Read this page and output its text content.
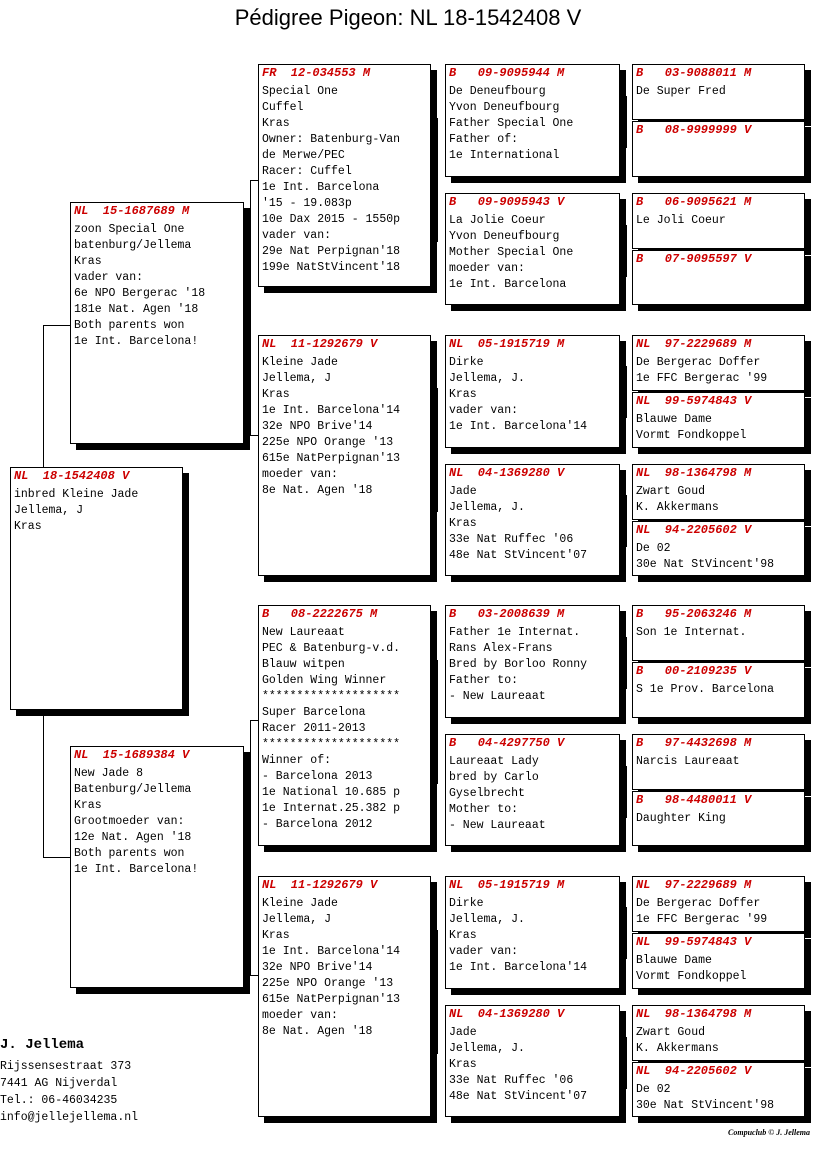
Pédigree Pigeon: NL 18-1542408 V
NL  18-1542408 V
inbred Kleine Jade
Jellema, J
Kras
NL  15-1687689 M
zoon Special One
batenburg/Jellema
Kras
vader van:
6e NPO Bergerac '18
181e Nat. Agen '18
Both parents won
1e Int. Barcelona!
NL  15-1689384 V
New Jade 8
Batenburg/Jellema
Kras
Grootmoeder van:
12e Nat. Agen '18
Both parents won
1e Int. Barcelona!
FR  12-034553 M
Special One
Cuffel
Kras
Owner: Batenburg-Van
de Merwe/PEC
Racer: Cuffel
1e Int. Barcelona
'15 - 19.083p
10e Dax 2015 - 1550p
vader van:
29e Nat Perpignan'18
199e NatStVincent'18
NL  11-1292679 V
Kleine Jade
Jellema, J
Kras
1e Int. Barcelona'14
32e NPO Brive'14
225e NPO Orange '13
615e NatPerpignan'13
moeder van:
8e Nat. Agen '18
B   08-2222675 M
New Laureaat
PEC & Batenburg-v.d.
Blauw witpen
Golden Wing Winner
********************
Super Barcelona
Racer 2011-2013
********************
Winner of:
- Barcelona 2013
1e National 10.685 p
1e Internat.25.382 p
- Barcelona 2012
NL  11-1292679 V
Kleine Jade
Jellema, J
Kras
1e Int. Barcelona'14
32e NPO Brive'14
225e NPO Orange '13
615e NatPerpignan'13
moeder van:
8e Nat. Agen '18
B   09-9095944 M
De Deneufbourg
Yvon Deneufbourg
Father Special One
Father of:
1e International
B   09-9095943 V
La Jolie Coeur
Yvon Deneufbourg
Mother Special One
moeder van:
1e Int. Barcelona
NL  05-1915719 M
Dirke
Jellema, J.
Kras
vader van:
1e Int. Barcelona'14
NL  04-1369280 V
Jade
Jellema, J.
Kras
33e Nat Ruffec '06
48e Nat StVincent'07
B   03-2008639 M
Father 1e Internat.
Rans Alex-Frans
Bred by Borloo Ronny
Father to:
- New Laureaat
B   04-4297750 V
Laureaat Lady
bred by Carlo
Gyselbrecht
Mother to:
- New Laureaat
NL  05-1915719 M
Dirke
Jellema, J.
Kras
vader van:
1e Int. Barcelona'14
NL  04-1369280 V
Jade
Jellema, J.
Kras
33e Nat Ruffec '06
48e Nat StVincent'07
B   03-9088011 M
De Super Fred
B   08-9999999 V
B   06-9095621 M
Le Joli Coeur
B   07-9095597 V
NL  97-2229689 M
De Bergerac Doffer
1e FFC Bergerac '99
NL  99-5974843 V
Blauwe Dame
Vormt Fondkoppel
NL  98-1364798 M
Zwart Goud
K. Akkermans
NL  94-2205602 V
De 02
30e Nat StVincent'98
B   95-2063246 M
Son 1e Internat.
B   00-2109235 V
S 1e Prov. Barcelona
B   97-4432698 M
Narcis Laureaat
B   98-4480011 V
Daughter King
NL  97-2229689 M
De Bergerac Doffer
1e FFC Bergerac '99
NL  99-5974843 V
Blauwe Dame
Vormt Fondkoppel
NL  98-1364798 M
Zwart Goud
K. Akkermans
NL  94-2205602 V
De 02
30e Nat StVincent'98
J. Jellema
Rijssensestraat 373
7441 AG Nijverdal
Tel.: 06-46034235
info@jellejellema.nl
Compuclub © J. Jellema
